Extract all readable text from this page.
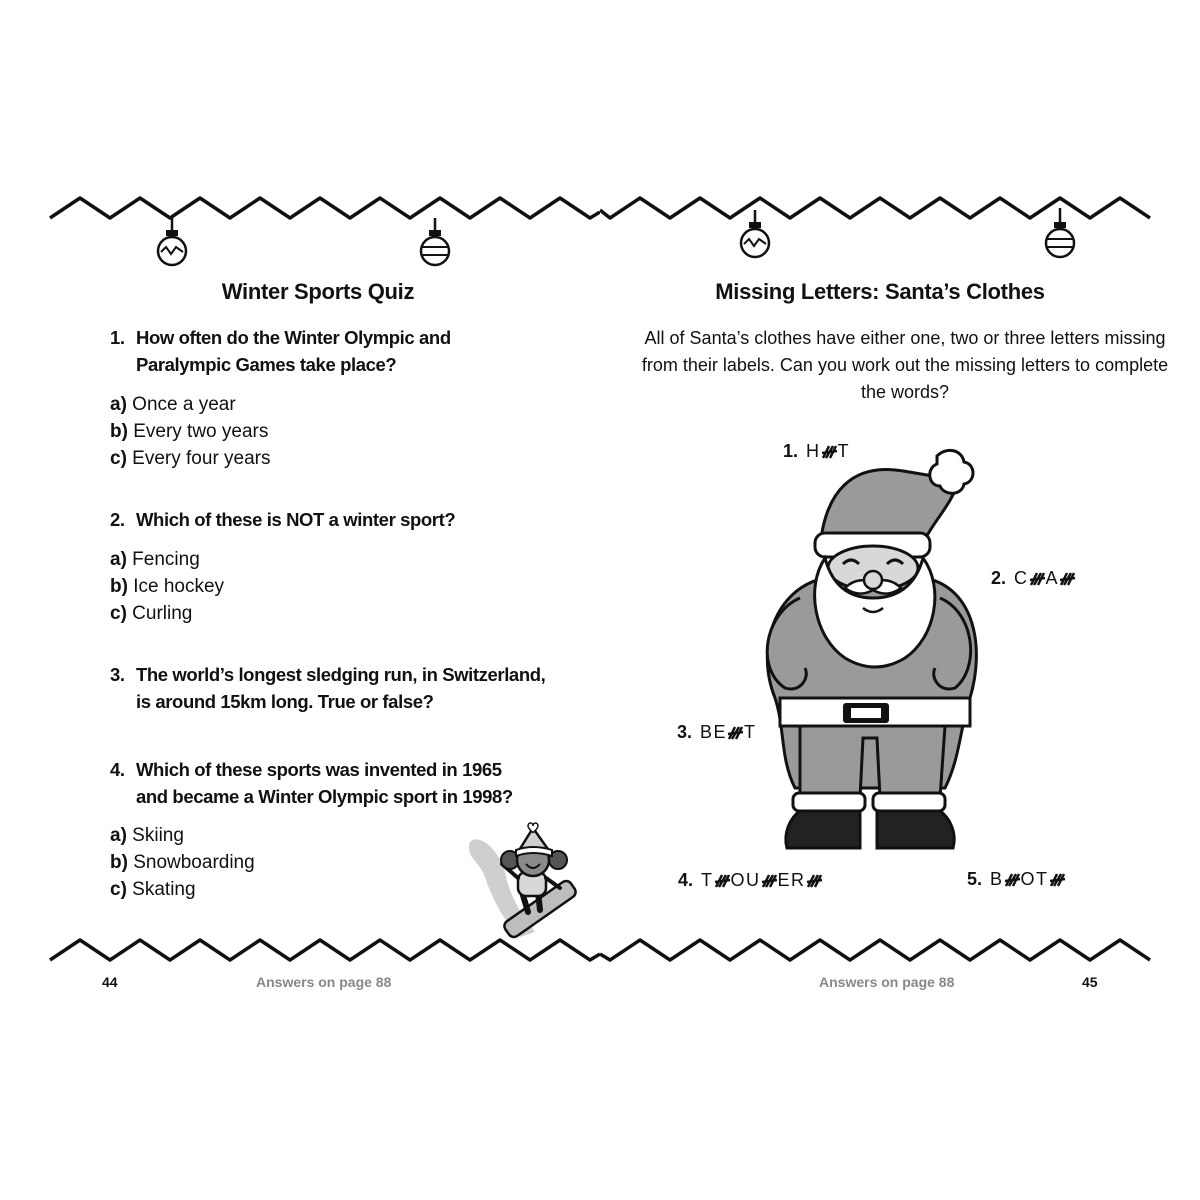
Winter Sports Quiz
1. How often do the Winter Olympic and Paralympic Games take place?
a) Once a year
b) Every two years
c) Every four years
2. Which of these is NOT a winter sport?
a) Fencing
b) Ice hockey
c) Curling
3. The world’s longest sledging run, in Switzerland, is around 15km long. True or false?
4. Which of these sports was invented in 1965 and became a Winter Olympic sport in 1998?
a) Skiing
b) Snowboarding
c) Skating
44	Answers on page 88
Missing Letters: Santa’s Clothes

All of Santa’s clothes have either one, two or three letters missing from their labels. Can you work out the missing letters to complete the words?

1. H T
2. C A
3. B E T
4. T O U E R	5. B O T
Answers on page 88	45
